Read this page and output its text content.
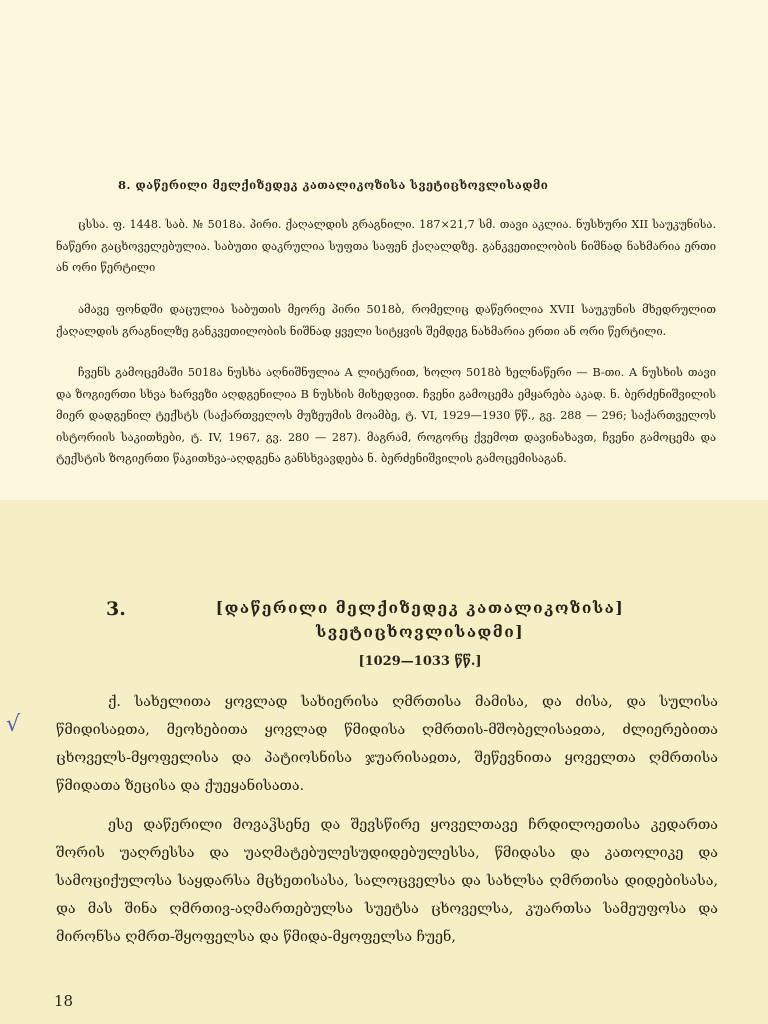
8. დაწერილი მელქიზედეკ კათალიკოზისა სვეტიცხოვლისადმი

ცსსა. ფ. 1448. საბ. № 5018ა. პირი. ქაღალდის გრაგნილი. 187×21,7 სმ. თავი აკლია. ნუსხური XII საუკუნისა. ნაწერი გაცხოველებულია. საბუთი დაკრულია სუფთა საფენ ქაღალდზე. განკვეთილობის ნიშნად ნახმარია ერთი ან ორი წერტილი

ამავე ფონდში დაცულია საბუთის მეორე პირი 5018ბ, რომელიც დაწერილია XVII საუკუნის მხედრულით ქაღალდის გრაგნილზე განკვეთილობის ნიშნად ყველი სიტყვის შემდეგ ნახმარია ერთი ან ორი წერტილი.

ჩვენს გამოცემაში 5018ა ნუსხა აღნიშნულია A ლიტერით, ხოლო 5018ბ ხელნაწერი — B-თი. A ნუსხის თავი და ზოგიერთი სხვა ხარვეზი აღდგენილია B ნუსხის მიხედვით. ჩვენი გამოცემა ემყარება აკად. ნ. ბერძენიშვილის მიერ დადგენილ ტექსტს (საქართველოს მუზეუმის მოამბე, ტ. VI, 1929—1930 წწ., გვ. 288 — 296; საქართველოს ისტორიის საკითხები, ტ. IV, 1967, გვ. 280 — 287). მაგრამ, როგორც ქვემოთ დავინახავთ, ჩვენი გამოცემა და ტექსტის ზოგიერთი წაკითხვა-აღდგენა განსხვავდება ნ. ბერძენიშვილის გამოცემისაგან.

3.	[დაწერილი მელქიზედეკ კათალიკოზისა] სვეტიცხოვლისადმი]
[1029—1033 წწ.]
√

ქ. სახელითა ყოვლად სახიერისა ღმრთისა მამისა, და ძისა, და სულისა წმიდისაჲთა, მეოხებითა ყოვლად წმიდისა ღმრთის-მშობელისაჲთა, ძლიერებითა ცხოველს-მყოფელისა და პატიოსნისა ჯუარისაჲთა, შეწევნითა ყოველთა ღმრთისა წმიდათა ზეცისა და ქუეყანისათა.

ესე დაწერილი მოვაჴსენე და შევსწირე ყოველთავე ჩრდილოეთისა კედართა შორის უაღრესსა და უაღმატებულესუდიდებულესსა, წმიდასა და კათოლიკე და სამოციქულოსა საყდარსა მცხეთისასა, სალოცველსა და სახლსა ღმრთისა დიდებისასა, და მას შინა ღმრთივ-აღმართებულსა სუეტსა ცხოველსა, კუართსა სამეუფოსა და მირონსა ღმრთ-შყოფელსა და წმიდა-მყოფელსა ჩუენ,

18
